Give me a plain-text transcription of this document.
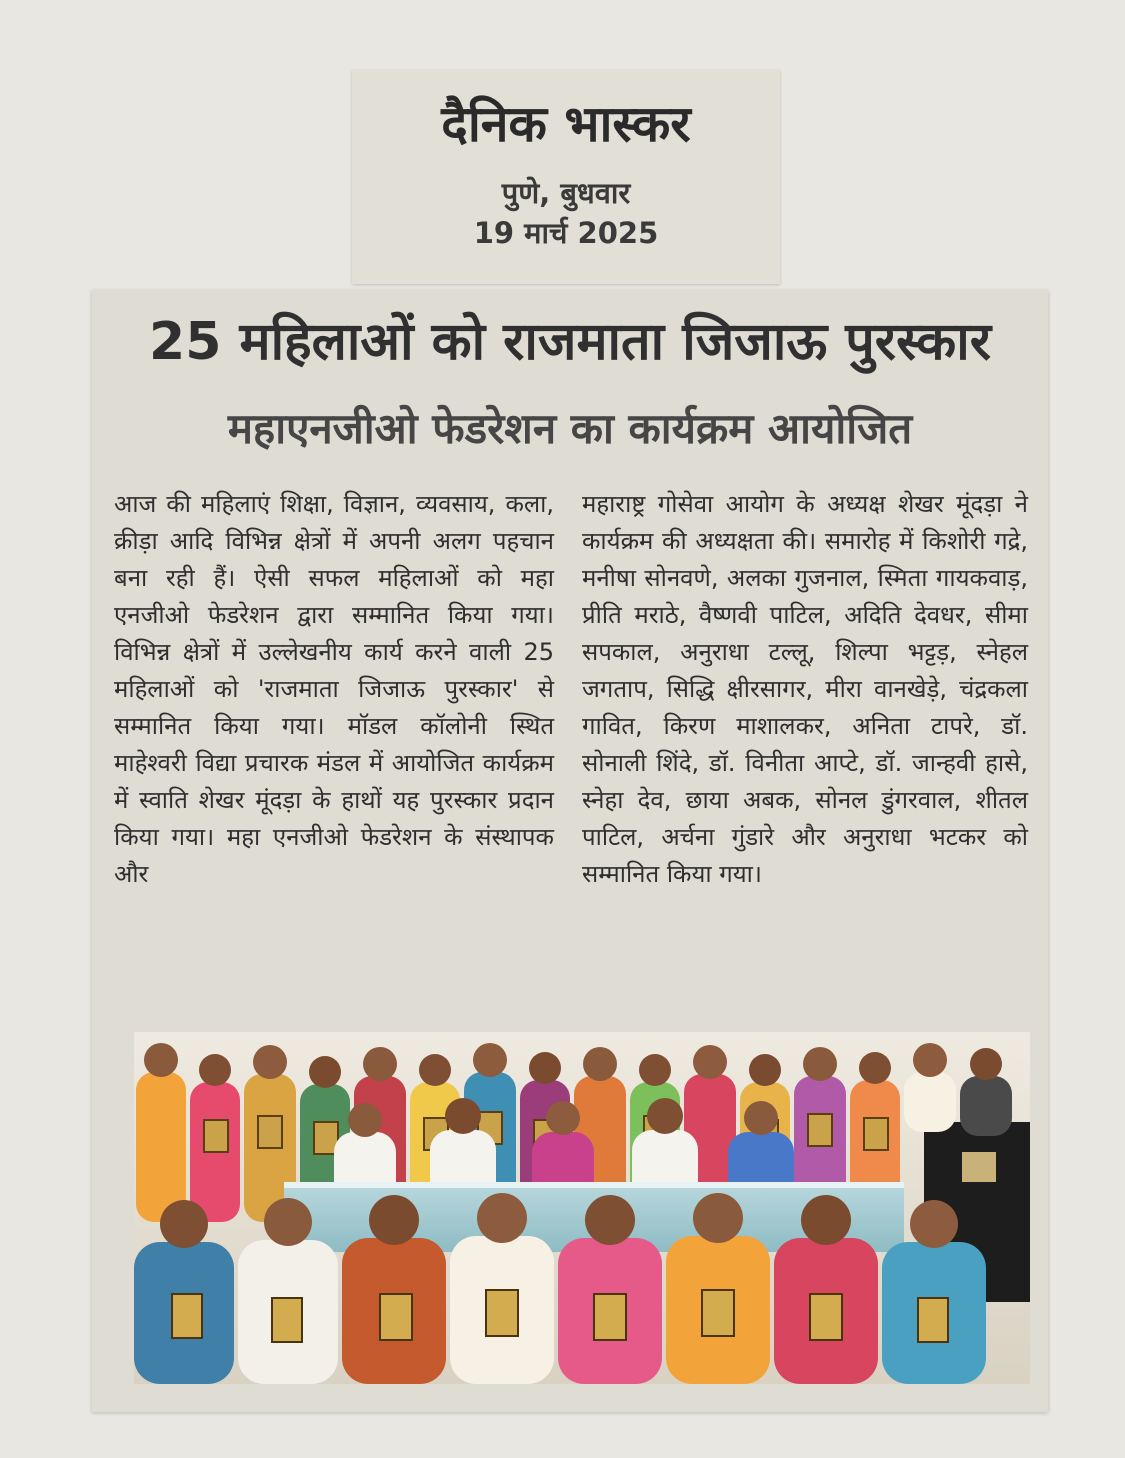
दैनिक भास्कर
पुणे, बुधवार
19 मार्च 2025
25 महिलाओं को राजमाता जिजाऊ पुरस्कार
महाएनजीओ फेडरेशन का कार्यक्रम आयोजित

आज की महिलाएं शिक्षा, विज्ञान, व्यवसाय, कला, क्रीड़ा आदि विभिन्न क्षेत्रों में अपनी अलग पहचान बना रही हैं। ऐसी सफल महिलाओं को महा एनजीओ फेडरेशन द्वारा सम्मानित किया गया। विभिन्न क्षेत्रों में उल्लेखनीय कार्य करने वाली 25 महिलाओं को 'राजमाता जिजाऊ पुरस्कार' से सम्मानित किया गया। मॉडल कॉलोनी स्थित माहेश्वरी विद्या प्रचारक मंडल में आयोजित कार्यक्रम में स्वाति शेखर मूंदड़ा के हाथों यह पुरस्कार प्रदान किया गया। महा एनजीओ फेडरेशन के संस्थापक और

महाराष्ट्र गोसेवा आयोग के अध्यक्ष शेखर मूंदड़ा ने कार्यक्रम की अध्यक्षता की। समारोह में किशोरी गद्रे, मनीषा सोनवणे, अलका गुजनाल, स्मिता गायकवाड़, प्रीति मराठे, वैष्णवी पाटिल, अदिति देवधर, सीमा सपकाल, अनुराधा टल्लू, शिल्पा भट्टड़, स्नेहल जगताप, सिद्धि क्षीरसागर, मीरा वानखेड़े, चंद्रकला गावित, किरण माशालकर, अनिता टापरे, डॉ. सोनाली शिंदे, डॉ. विनीता आप्टे, डॉ. जान्हवी हासे, स्नेहा देव, छाया अबक, सोनल डुंगरवाल, शीतल पाटिल, अर्चना गुंडारे और अनुराधा भटकर को सम्मानित किया गया।
